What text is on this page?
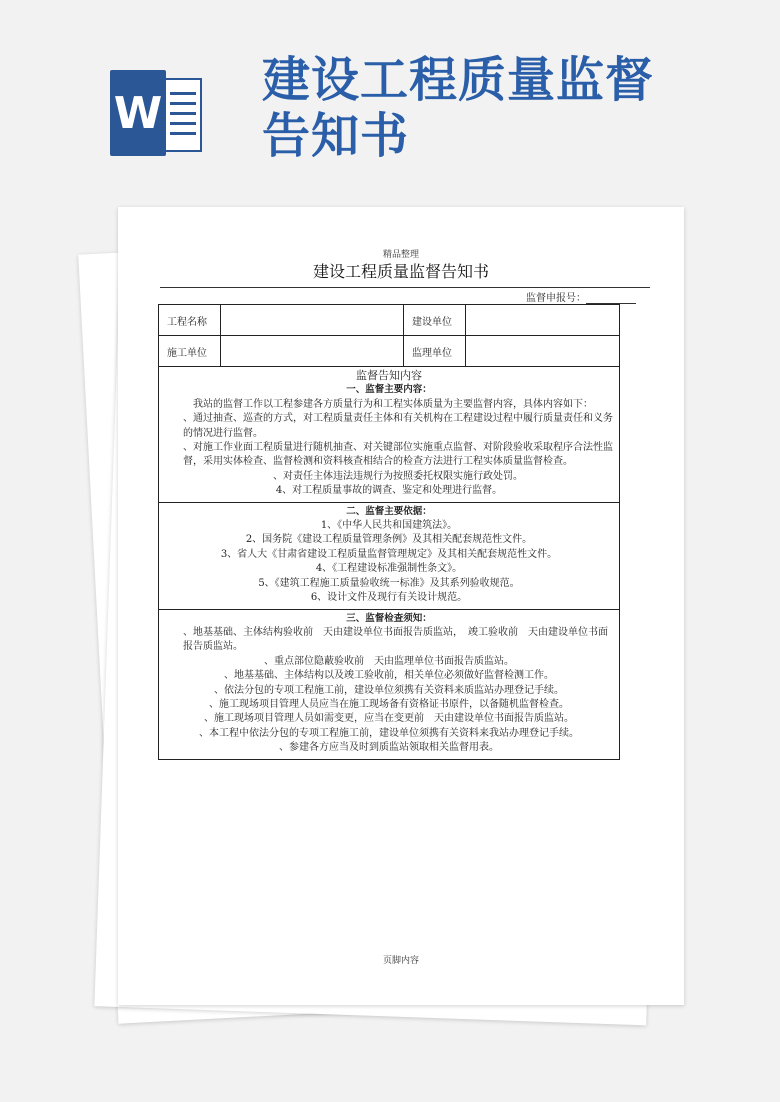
W
建设工程质量监督
告知书
精品整理
建设工程质量监督告知书
监督申报号：
工程名称	建设单位
施工单位	监理单位

监督告知内容

一、监督主要内容：

我站的监督工作以工程参建各方质量行为和工程实体质量为主要监督内容，具体内容如下：

、通过抽查、巡查的方式，对工程质量责任主体和有关机构在工程建设过程中履行质量责任和义务的情况进行监督。

、对施工作业面工程质量进行随机抽查、对关键部位实施重点监督、对阶段验收采取程序合法性监督，采用实体检查、监督检测和资料核查相结合的检查方法进行工程实体质量监督检查。

、对责任主体违法违规行为按照委托权限实施行政处罚。

4、对工程质量事故的调查、鉴定和处理进行监督。

二、监督主要依据：

1、《中华人民共和国建筑法》。

2、国务院《建设工程质量管理条例》及其相关配套规范性文件。

3、省人大《甘肃省建设工程质量监督管理规定》及其相关配套规范性文件。

4、《工程建设标准强制性条文》。

5、《建筑工程施工质量验收统一标准》及其系列验收规范。

6、设计文件及现行有关设计规范。

三、监督检查须知：

、地基基础、主体结构验收前　天由建设单位书面报告质监站，　竣工验收前　天由建设单位书面报告质监站。

、重点部位隐蔽验收前　天由监理单位书面报告质监站。

、地基基础、主体结构以及竣工验收前，相关单位必须做好监督检测工作。

、依法分包的专项工程施工前，建设单位须携有关资料来质监站办理登记手续。

、施工现场项目管理人员应当在施工现场备有资格证书原件，以备随机监督检查。

、施工现场项目管理人员如需变更，应当在变更前　天由建设单位书面报告质监站。

、本工程中依法分包的专项工程施工前，建设单位须携有关资料来我站办理登记手续。

、参建各方应当及时到质监站领取相关监督用表。

页脚内容
